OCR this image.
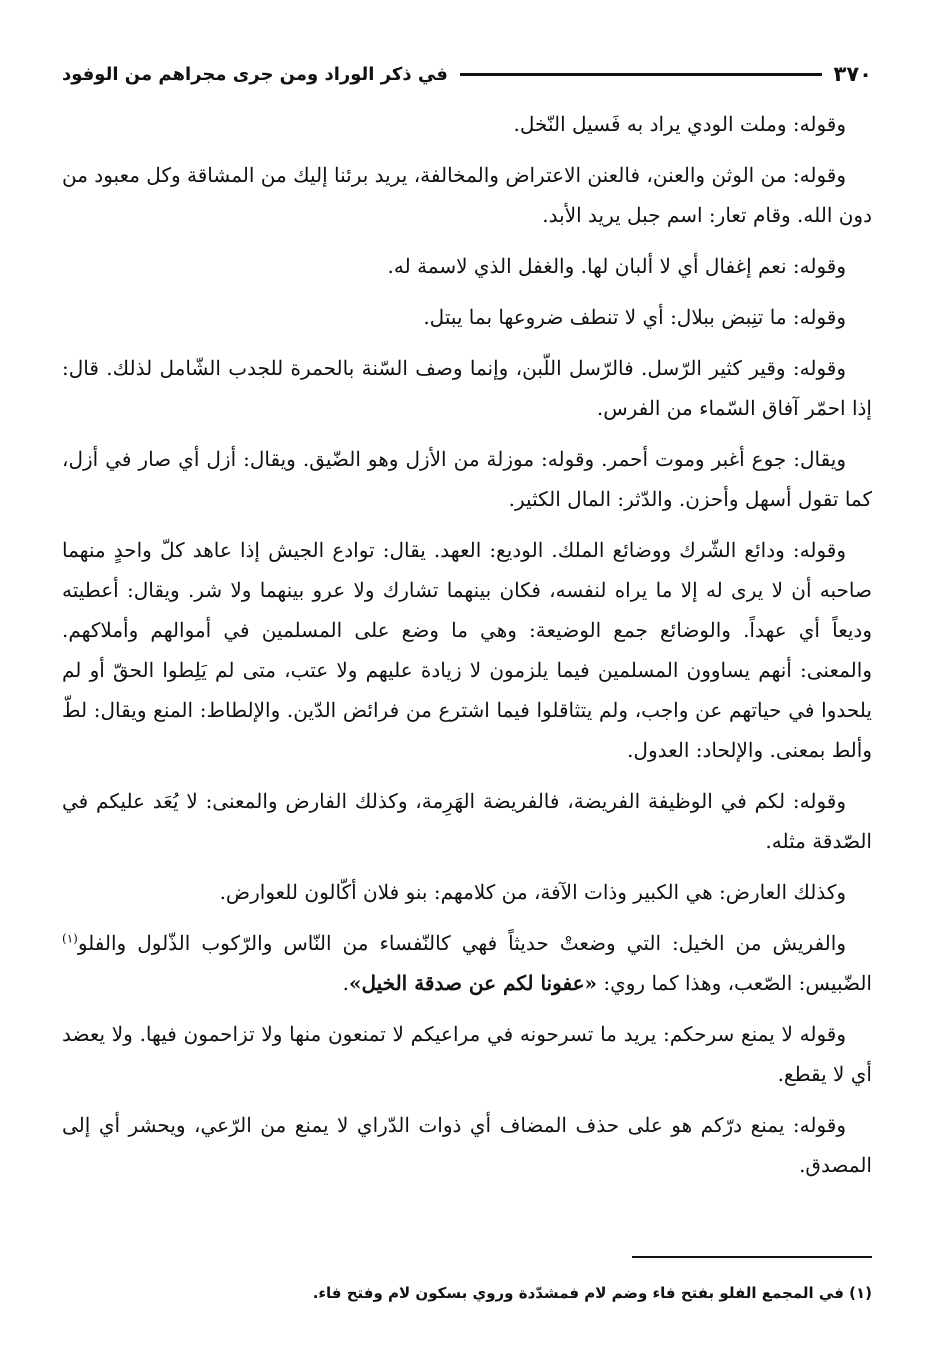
٣٧٠
في ذكر الوراد ومن جرى مجراهم من الوفود

وقوله: وملت الودي يراد به فَسيل النّخل.

وقوله: من الوثن والعنن، فالعنن الاعتراض والمخالفة، يريد برئنا إليك من المشاقة وكل معبود من دون الله. وقام تعار: اسم جبل يريد الأبد.

وقوله: نعم إغفال أي لا ألبان لها. والغفل الذي لاسمة له.

وقوله: ما تنِبض ببلال: أي لا تنطف ضروعها بما يبتل.

وقوله: وقير كثير الرّسل. فالرّسل اللّبن، وإنما وصف السّنة بالحمرة للجدب الشّامل لذلك. قال: إذا احمّر آفاق السّماء من الفرس.

ويقال: جوع أغبر وموت أحمر. وقوله: موزلة من الأزل وهو الضّيق. ويقال: أزل أي صار في أزل، كما تقول أسهل وأحزن. والدّثر: المال الكثير.

وقوله: ودائع الشّرك ووضائع الملك. الوديع: العهد. يقال: توادع الجيش إذا عاهد كلّ واحدٍ منهما صاحبه أن لا يرى له إلا ما يراه لنفسه، فكان بينهما تشارك ولا عرو بينهما ولا شر. ويقال: أعطيته وديعاً أي عهداً. والوضائع جمع الوضيعة: وهي ما وضع على المسلمين في أموالهم وأملاكهم. والمعنى: أنهم يساوون المسلمين فيما يلزمون لا زيادة عليهم ولا عتب، متى لم يَلِطوا الحقّ أو لم يلحدوا في حياتهم عن واجب، ولم يتثاقلوا فيما اشترع من فرائض الدّين. والإلطاط: المنع ويقال: لطّ وألط بمعنى. والإلحاد: العدول.

وقوله: لكم في الوظيفة الفريضة، فالفريضة الهَرِمة، وكذلك الفارض والمعنى: لا يُعَد عليكم في الصّدقة مثله.

وكذلك العارض: هي الكبير وذات الآفة، من كلامهم: بنو فلان أكّالون للعوارض.

والفريش من الخيل: التي وضعتْ حديثاً فهي كالنّفساء من النّاس والرّكوب الذّلول والفلو$^{(١)}$ الضّبيس: الصّعب، وهذا كما روي: «عفونا لكم عن صدقة الخيل».

وقوله لا يمنع سرحكم: يريد ما تسرحونه في مراعيكم لا تمنعون منها ولا تزاحمون فيها. ولا يعضد أي لا يقطع.

وقوله: يمنع درّكم هو على حذف المضاف أي ذوات الدّراي لا يمنع من الرّعي، ويحشر أي إلى المصدق.

(١) في المجمع الفلو بفتح فاء وضم لام فمشدّدة وروي بسكون لام وفتح فاء.
